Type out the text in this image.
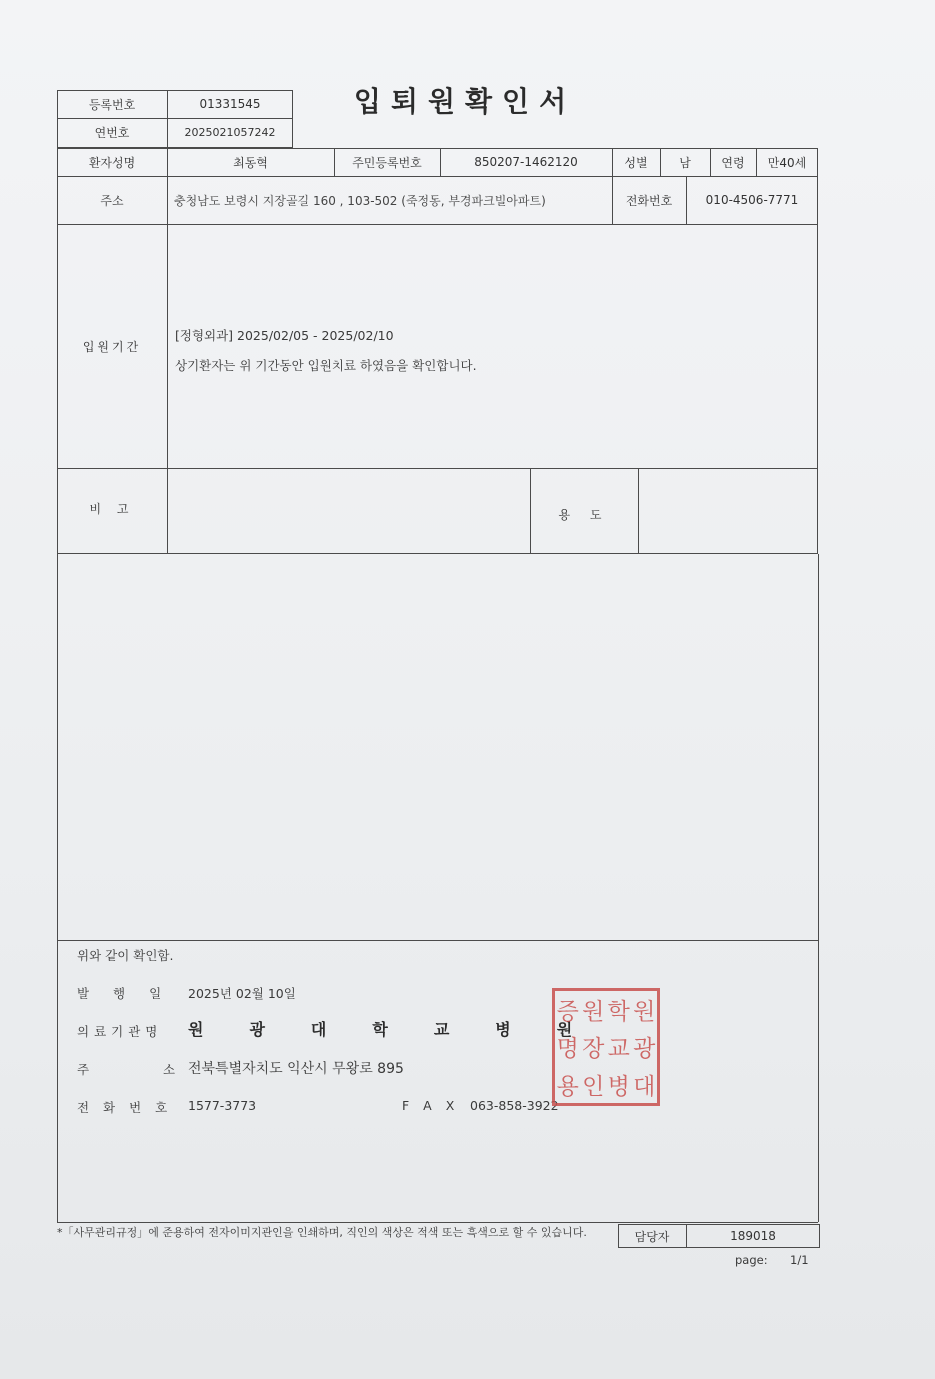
입퇴원확인서
등록번호	01331545
연번호	2025021057242
환자성명	최동혁	주민등록번호	850207-1462120	성별	남	연령	만40세
주소	충청남도 보령시 지장골길 160 , 103-502 (죽정동, 부경파크빌아파트)	전화번호	010-4506-7771
입원기간
[정형외과] 2025/02/05 - 2025/02/10
상기환자는 위 기간동안 입원치료 하였음을 확인합니다.
비 고	용 도
위와 같이 확인함.
발 행 일 2025년 02월 10일
의료기관명 원광대학교병원
주 소 전북특별자치도 익산시 무왕로 895
전 화 번 호 1577-3773	F A X 063-858-3922
증 원 학 원
명 장 교 광
용 인 병 대
*「사무관리규정」에 준용하여 전자이미지관인을 인쇄하며, 직인의 색상은 적색 또는 흑색으로 할 수 있습니다.	담당자	189018
page: 1/1
